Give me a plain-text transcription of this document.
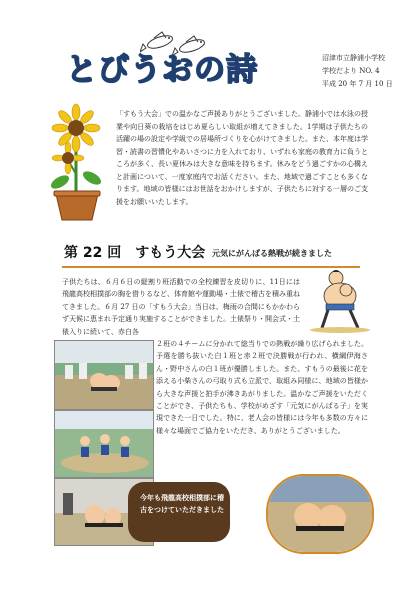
とびうおの詩	沼津市立静浦小学校
学校だより NO. 4
平成 20 年 7 月 10 日
「すもう大会」での温かなご声援ありがとうございました。静浦小では水泳の授業や向日葵の栽培をはじめ夏らしい取組が増えてきました。1学期は子供たちの活躍の場の設定や学級での居場所づくりを心がけてきました。また、本年度は学習・読書の習慣化やあいさつに力を入れており、いずれも家庭の教育力に負うところが多く、長い夏休みは大きな意味を持ちます。休みをどう過ごすかの心構えと計画について、一度家庭内でお話ください。また、地域で過ごすことも多くなります。地域の皆様にはお世話をおかけしますが、子供たちに対する一層のご支援をお願いいたします。
第 22 回　すもう大会 元気にがんばる熱戦が続きました
子供たちは、６月６日の縦割り班活動での全校練習を皮切りに、11日には飛龍高校相撲部の胸を借りるなど、体育館や運動場・土俵で稽古を積み重ねてきました。６月 27 日の「すもう大会」当日は、梅雨の合間にもかかわらず天候に恵まれ予定通り実施することができました。土俵祭り・開会式・土俵入りに続いて、赤白各
２班の４チームに分かれて総当りでの熱戦が繰り広げられました。予選を勝ち抜いた白１班と赤２班で決勝戦が行われ、横綱伊海さん・野中さんの白１班が優勝しました。また、すもうの最後に花を添える小柴さんの弓取り式も立派で、取組み同様に、地域の皆様から大きな声援と拍手が沸きあがりました。温かなご声援をいただくことができ、子供たちも、学校がめざす「元気にがんばる子」を実現できた一日でした。特に、老人会の皆様には今年も多数の方々に様々な場面でご協力をいただき、ありがとうございました。
今年も飛龍高校相撲部に稽古をつけていただきました
